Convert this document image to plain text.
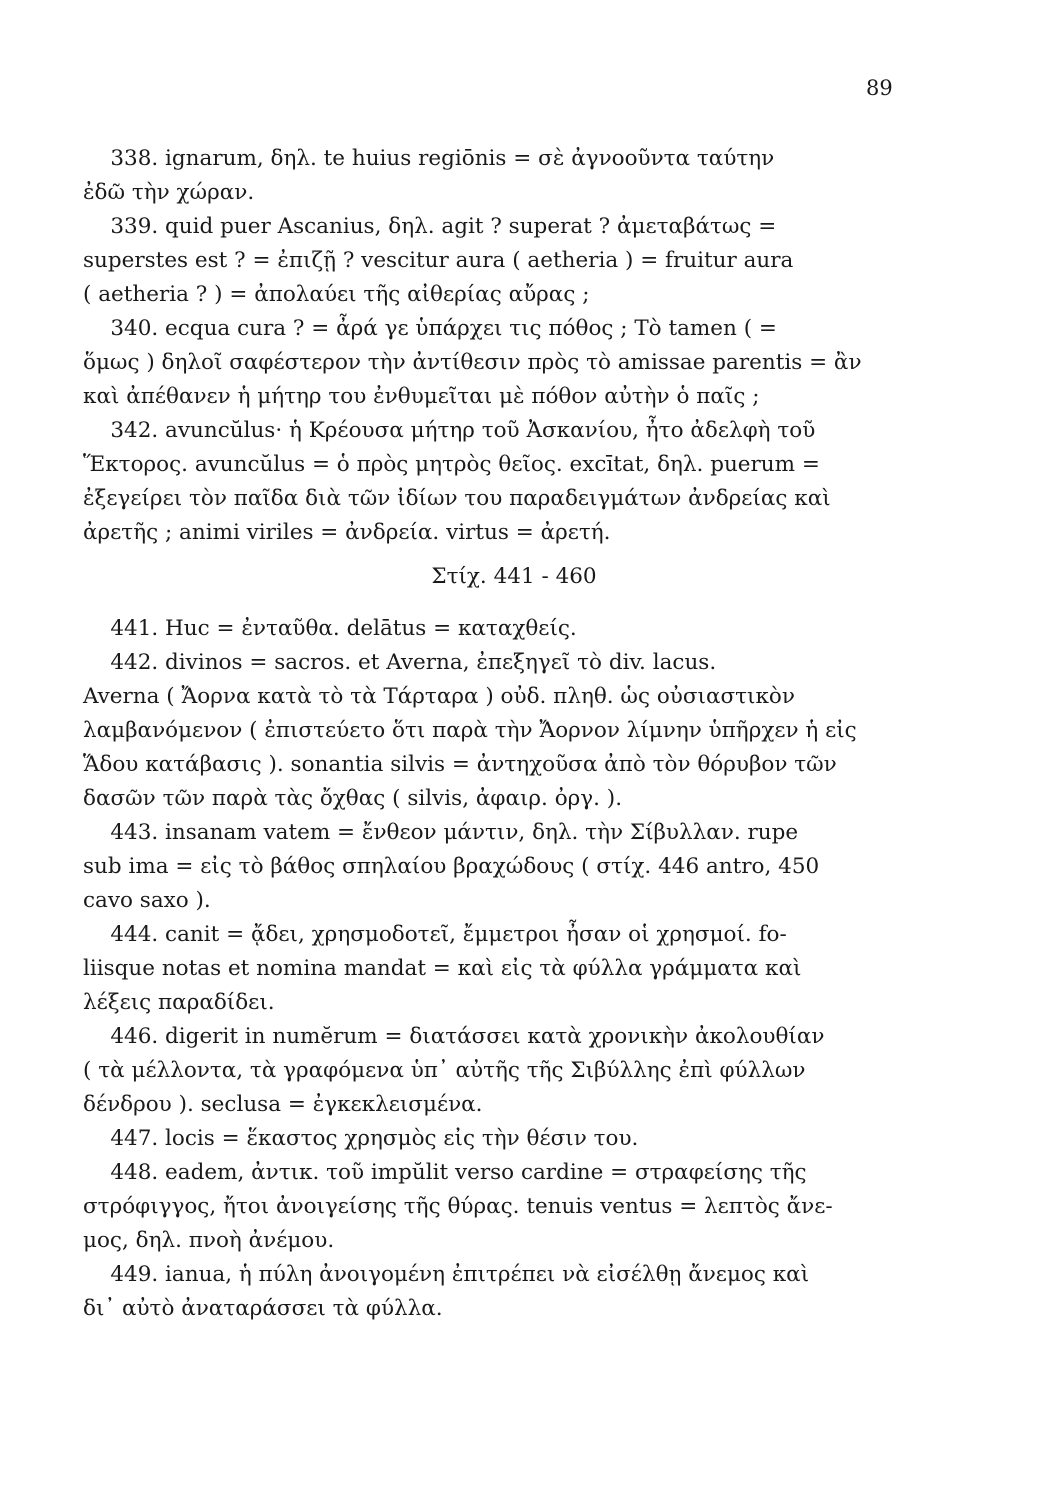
89

338. ignarum, δηλ. te huius regiōnis = σὲ ἀγνοοῦντα ταύτην
ἐδῶ τὴν χώραν.

339. quid puer Ascanius, δηλ. agit ? superat ? ἀμεταβάτως =
superstes est ? = ἐπιζῇ ? vescitur aura ( aetheria ) = fruitur aura
( aetheria ? ) = ἀπολαύει τῆς αἰθερίας αὔρας ;

340. ecqua cura ? = ἆρά γε ὑπάρχει τις πόθος ; Τὸ tamen ( =
ὅμως ) δηλοῖ σαφέστερον τὴν ἀντίθεσιν πρὸς τὸ amissae parentis = ἂν
καὶ ἀπέθανεν ἡ μήτηρ του ἐνθυμεῖται μὲ πόθον αὐτὴν ὁ παῖς ;

342. avuncŭlus· ἡ Κρέουσα μήτηρ τοῦ Ἀσκανίου, ἦτο ἀδελφὴ τοῦ
Ἕκτορος. avuncŭlus = ὁ πρὸς μητρὸς θεῖος. excītat, δηλ. puerum =
ἐξεγείρει τὸν παῖδα διὰ τῶν ἰδίων του παραδειγμάτων ἀνδρείας καὶ
ἀρετῆς ; animi viriles = ἀνδρεία. virtus = ἀρετή.

Στίχ. 441 - 460

441. Huc = ἐνταῦθα. delātus = καταχθείς.

442. divinos = sacros. et Averna, ἐπεξηγεῖ τὸ div. lacus.
Averna ( Ἄορνα κατὰ τὸ τὰ Τάρταρα ) οὐδ. πληθ. ὡς οὐσιαστικὸν
λαμβανόμενον ( ἐπιστεύετο ὅτι παρὰ τὴν Ἄορνον λίμνην ὑπῆρχεν ἡ εἰς
Ἅδου κατάβασις ). sonantia silvis = ἀντηχοῦσα ἀπὸ τὸν θόρυβον τῶν
δασῶν τῶν παρὰ τὰς ὄχθας ( silvis, ἀφαιρ. ὀργ. ).

443. insanam vatem = ἔνθεον μάντιν, δηλ. τὴν Σίβυλλαν. rupe
sub ima = εἰς τὸ βάθος σπηλαίου βραχώδους ( στίχ. 446 antro, 450
cavo saxo ).

444. canit = ᾄδει, χρησμοδοτεῖ, ἔμμετροι ἦσαν οἱ χρησμοί. fo-
liisque notas et nomina mandat = καὶ εἰς τὰ φύλλα γράμματα καὶ
λέξεις παραδίδει.

446. digerit in numĕrum = διατάσσει κατὰ χρονικὴν ἀκολουθίαν
( τὰ μέλλοντα, τὰ γραφόμενα ὑπ᾽ αὐτῆς τῆς Σιβύλλης ἐπὶ φύλλων
δένδρου ). seclusa = ἐγκεκλεισμένα.

447. locis = ἕκαστος χρησμὸς εἰς τὴν θέσιν του.

448. eadem, ἀντικ. τοῦ impŭlit verso cardine = στραφείσης τῆς
στρόφιγγος, ἤτοι ἀνοιγείσης τῆς θύρας. tenuis ventus = λεπτὸς ἄνε-
μος, δηλ. πνοὴ ἀνέμου.

449. ianua, ἡ πύλη ἀνοιγομένη ἐπιτρέπει νὰ εἰσέλθῃ ἄνεμος καὶ
δι᾽ αὐτὸ ἀναταράσσει τὰ φύλλα.
